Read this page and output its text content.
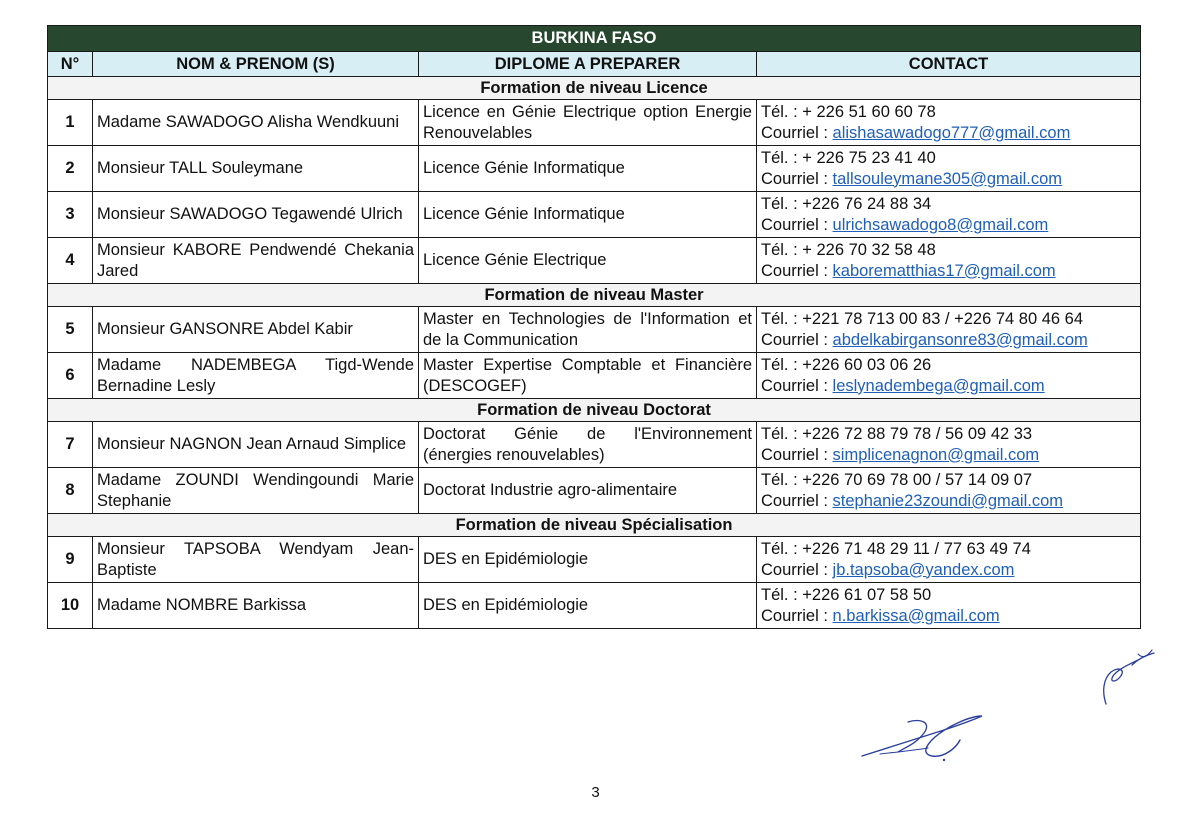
BURKINA FASO			
N°	NOM & PRENOM (S)	DIPLOME A PREPARER	CONTACT
Formation de niveau Licence			
1	Madame SAWADOGO Alisha Wendkuuni	Licence en Génie Electrique option Energie Renouvelables	Tél. : + 226 51 60 60 78
Courriel : alishasawadogo777@gmail.com

2	Monsieur TALL Souleymane	Licence Génie Informatique	Tél. : + 226 75 23 41 40
Courriel : tallsouleymane305@gmail.com

3	Monsieur SAWADOGO Tegawendé Ulrich	Licence Génie Informatique	Tél. : +226 76 24 88 34
Courriel : ulrichsawadogo8@gmail.com

4	Monsieur KABORE Pendwendé Chekania Jared	Licence Génie Electrique	Tél. : + 226 70 32 58 48
Courriel : kaborematthias17@gmail.com

Formation de niveau Master			
5	Monsieur GANSONRE Abdel Kabir	Master en Technologies de l'Information et de la Communication	Tél. : +221 78 713 00 83 / +226 74 80 46 64
Courriel : abdelkabirgansonre83@gmail.com

6	Madame NADEMBEGA Tigd-Wende Bernadine Lesly	Master Expertise Comptable et Financière (DESCOGEF)	Tél. : +226 60 03 06 26
Courriel : leslynadembega@gmail.com

Formation de niveau Doctorat			
7	Monsieur NAGNON Jean Arnaud Simplice	Doctorat Génie de l'Environnement (énergies renouvelables)	Tél. : +226 72 88 79 78 / 56 09 42 33
Courriel : simplicenagnon@gmail.com

8	Madame ZOUNDI Wendingoundi Marie Stephanie	Doctorat Industrie agro-alimentaire	Tél. : +226 70 69 78 00 / 57 14 09 07
Courriel : stephanie23zoundi@gmail.com

Formation de niveau Spécialisation			
9	Monsieur TAPSOBA Wendyam Jean-Baptiste	DES en Epidémiologie	Tél. : +226 71 48 29 11 / 77 63 49 74
Courriel : jb.tapsoba@yandex.com

10	Madame NOMBRE Barkissa	DES en Epidémiologie	Tél. : +226 61 07 58 50
Courriel : n.barkissa@gmail.com
3
